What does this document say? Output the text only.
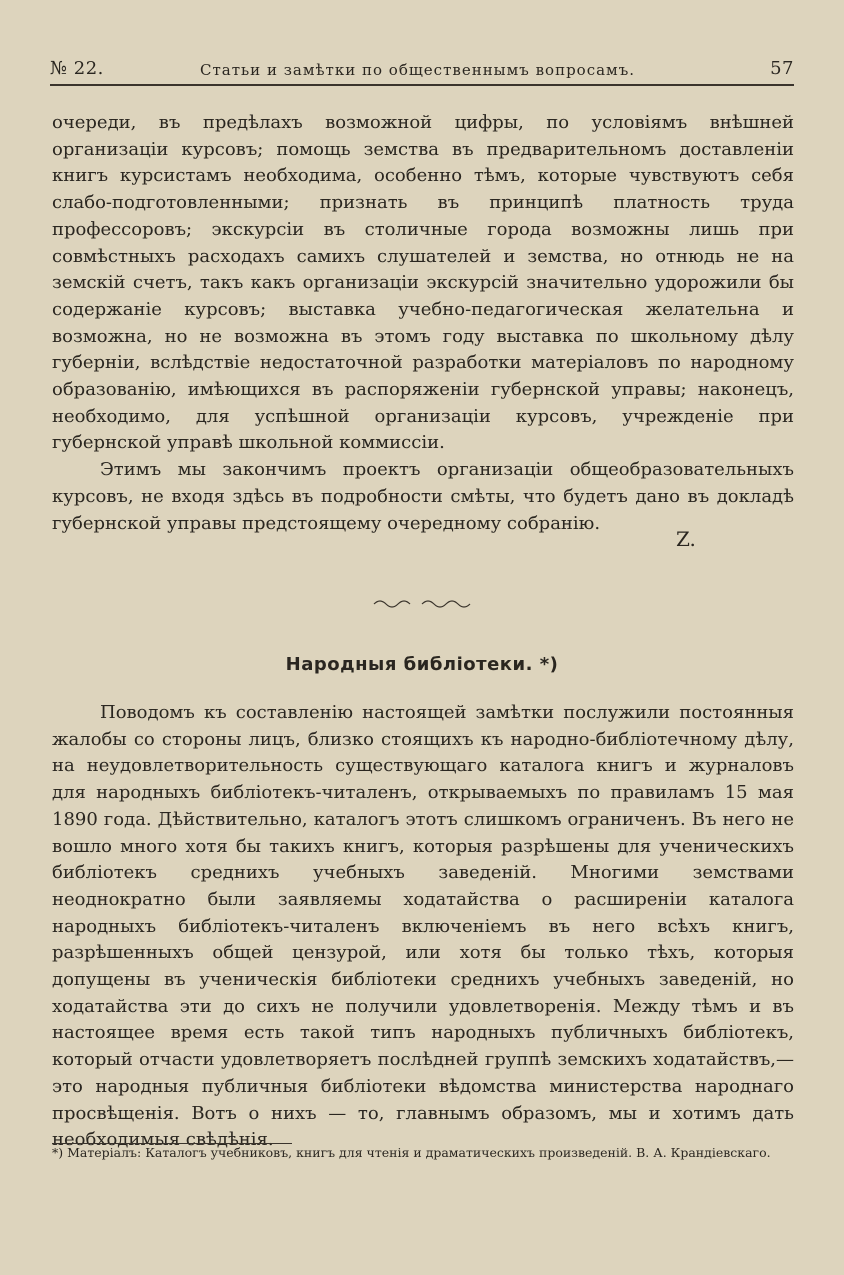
№ 22.	Статьи и замѣтки по общественнымъ вопросамъ.	57

очереди, въ предѣлахъ возможной цифры, по условіямъ внѣшней организаціи курсовъ; помощь земства въ предварительномъ доставленіи книгъ курсистамъ необходима, особенно тѣмъ, которые чувствуютъ себя слабо-подготовленными; признать въ принципѣ платность труда профессоровъ; экскурсіи въ столичные города возможны лишь при совмѣстныхъ расходахъ самихъ слушателей и земства, но отнюдь не на земскій счетъ, такъ какъ организаціи экскурсій значительно удорожили бы содержаніе курсовъ; выставка учебно-педагогическая желательна и возможна, но не возможна въ этомъ году выставка по школьному дѣлу губерніи, вслѣдствіе недостаточной разработки матеріаловъ по народному образованію, имѣющихся въ распоряженіи губернской управы; наконецъ, необходимо, для успѣшной организаціи курсовъ, учрежденіе при губернской управѣ школьной коммиссіи.

Этимъ мы закончимъ проектъ организаціи общеобразовательныхъ курсовъ, не входя здѣсь въ подробности смѣты, что будетъ дано въ докладѣ губернской управы предстоящему очередному собранію.

Z.
Народныя библіотеки. *)

Поводомъ къ составленію настоящей замѣтки послужили постоянныя жалобы со стороны лицъ, близко стоящихъ къ народно-библіотечному дѣлу, на неудовлетворительность существующаго каталога книгъ и журналовъ для народныхъ библіотекъ-читаленъ, открываемыхъ по правиламъ 15 мая 1890 года. Дѣйствительно, каталогъ этотъ слишкомъ ограниченъ. Въ него не вошло много хотя бы такихъ книгъ, которыя разрѣшены для ученическихъ библіотекъ среднихъ учебныхъ заведеній. Многими земствами неоднократно были заявляемы ходатайства о расширеніи каталога народныхъ библіотекъ-читаленъ включеніемъ въ него всѣхъ книгъ, разрѣшенныхъ общей цензурой, или хотя бы только тѣхъ, которыя допущены въ ученическія библіотеки среднихъ учебныхъ заведеній, но ходатайства эти до сихъ не получили удовлетворенія. Между тѣмъ и въ настоящее время есть такой типъ народныхъ публичныхъ библіотекъ, который отчасти удовлетворяетъ послѣдней группѣ земскихъ ходатайствъ,—это народныя публичныя библіотеки вѣдомства министерства народнаго просвѣщенія. Вотъ о нихъ — то, главнымъ образомъ, мы и хотимъ дать необходимыя свѣдѣнія.

*) Матеріалъ: Каталогъ учебниковъ, книгъ для чтенія и драматическихъ произведеній. В. А. Крандіевскаго.
